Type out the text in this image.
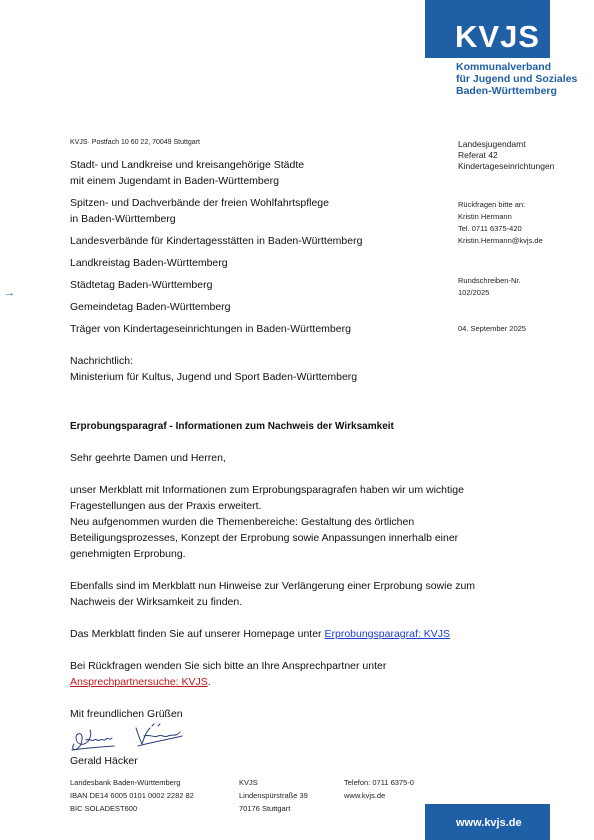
KVJS
Kommunalverband
für Jugend und Soziales
Baden-Württemberg
KVJS· Postfach 10 60 22, 70049 Stuttgart
Stadt- und Landkreise und kreisangehörige Städte
mit einem Jugendamt in Baden-Württemberg
Spitzen- und Dachverbände der freien Wohlfahrtspflege
in Baden-Württemberg
Landesverbände für Kindertagesstätten in Baden-Württemberg
Landkreistag Baden-Württemberg
Städtetag Baden-Württemberg
Gemeindetag Baden-Württemberg
Träger von Kindertageseinrichtungen in Baden-Württemberg
→
Nachrichtlich:
Ministerium für Kultus, Jugend und Sport Baden-Württemberg
Landesjugendamt
Referat 42
Kindertageseinrichtungen
Rückfragen bitte an:
Kristin Hermann
Tel. 0711 6375-420
Kristin.Hermann@kvjs.de
Rundschreiben-Nr.
102/2025
04. September 2025
Erprobungsparagraf - Informationen zum Nachweis der Wirksamkeit
Sehr geehrte Damen und Herren,
unser Merkblatt mit Informationen zum Erprobungsparagrafen haben wir um wichtige
Fragestellungen aus der Praxis erweitert.
Neu aufgenommen wurden die Themenbereiche: Gestaltung des örtlichen
Beteiligungsprozesses, Konzept der Erprobung sowie Anpassungen innerhalb einer
genehmigten Erprobung.
Ebenfalls sind im Merkblatt nun Hinweise zur Verlängerung einer Erprobung sowie zum
Nachweis der Wirksamkeit zu finden.
Das Merkblatt finden Sie auf unserer Homepage unter Erprobungsparagraf: KVJS
Bei Rückfragen wenden Sie sich bitte an Ihre Ansprechpartner unter
Ansprechpartnersuche: KVJS.
Mit freundlichen Grüßen
Gerald Häcker
Landesbank Baden-Württemberg
IBAN DE14 6005 0101 0002 2282 82
BIC SOLADEST600
KVJS
Lindenspürstraße 39
70176 Stuttgart
Telefon: 0711 6375-0
www.kvjs.de
www.kvjs.de
